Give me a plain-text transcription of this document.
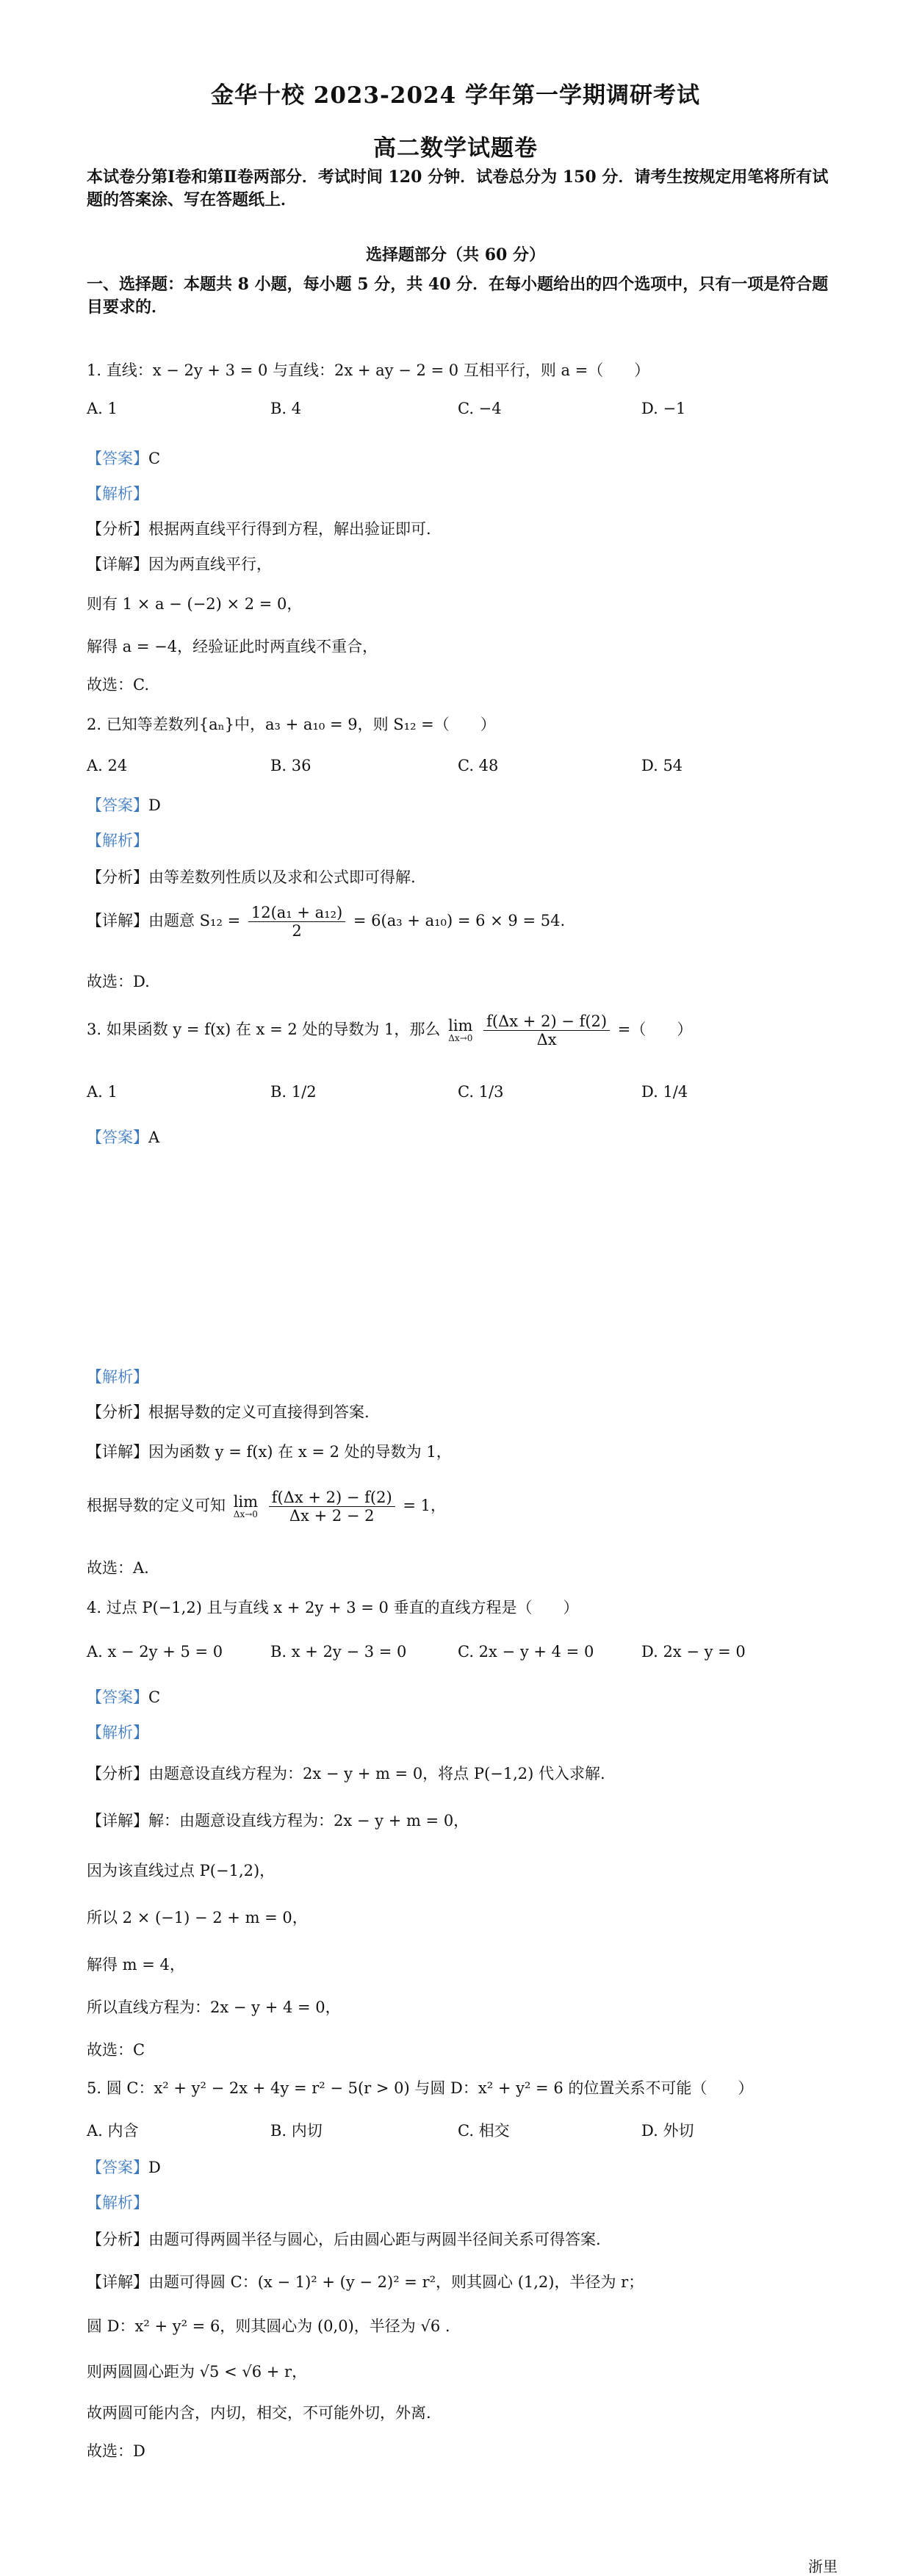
金华十校 2023-2024 学年第一学期调研考试
高二数学试题卷
本试卷分第Ⅰ卷和第Ⅱ卷两部分．考试时间 120 分钟．试卷总分为 150 分．请考生按规定用笔将所有试题的答案涂、写在答题纸上．
选择题部分（共 60 分）
一、选择题：本题共 8 小题，每小题 5 分，共 40 分．在每小题给出的四个选项中，只有一项是符合题目要求的．
1. 直线：x − 2y + 3 = 0 与直线：2x + ay − 2 = 0 互相平行，则 a =（　　）
A. 1	B. 4	C. −4	D. −1
【答案】C
【解析】
【分析】根据两直线平行得到方程，解出验证即可.
【详解】因为两直线平行，
则有 1 × a − (−2) × 2 = 0，
解得 a = −4，经验证此时两直线不重合，
故选：C.
2. 已知等差数列{aₙ}中，a₃ + a₁₀ = 9，则 S₁₂ =（　　）
A. 24	B. 36	C. 48	D. 54
【答案】D
【解析】
【分析】由等差数列性质以及求和公式即可得解.
【详解】由题意 $S_{12} = \frac{\text{12(a₁ + a₁₂)}}{2} = 6(a_3 + a_{10}) = 6 \times 9 = 54$.
故选：D.
3. 如果函数 y = f(x) 在 x = 2 处的导数为 1，那么 lim
Δx→0
$\frac{f(\Delta x + 2) - f(2)}{\Delta x}$ =（　　）
A. 1	B. 1/2	C. 1/3	D. 1/4
【答案】A
【解析】
【分析】根据导数的定义可直接得到答案.
【详解】因为函数 y = f(x) 在 x = 2 处的导数为 1，
根据导数的定义可知 lim
Δx→0
$\frac{f(\Delta x + 2) - f(2)}{\Delta x + 2 - 2} = 1$，
故选：A.
4. 过点 P(−1,2) 且与直线 x + 2y + 3 = 0 垂直的直线方程是（　　）
A. x − 2y + 5 = 0	B. x + 2y − 3 = 0	C. 2x − y + 4 = 0	D. 2x − y = 0
【答案】C
【解析】
【分析】由题意设直线方程为：2x − y + m = 0，将点 P(−1,2) 代入求解.
【详解】解：由题意设直线方程为：2x − y + m = 0，
因为该直线过点 P(−1,2)，
所以 2 × (−1) − 2 + m = 0，
解得 m = 4，
所以直线方程为：2x − y + 4 = 0，
故选：C
5. 圆 C：x² + y² − 2x + 4y = r² − 5(r > 0) 与圆 D：x² + y² = 6 的位置关系不可能（　　）
A. 内含	B. 内切	C. 相交	D. 外切
【答案】D
【解析】
【分析】由题可得两圆半径与圆心，后由圆心距与两圆半径间关系可得答案.
【详解】由题可得圆 C：(x − 1)² + (y − 2)² = r²，则其圆心 (1,2)，半径为 r；
圆 D：x² + y² = 6，则其圆心为 (0,0)，半径为 √6 .
则两圆圆心距为 √5 < √6 + r，
故两圆可能内含，内切，相交，不可能外切，外离.
故选：D
浙里
